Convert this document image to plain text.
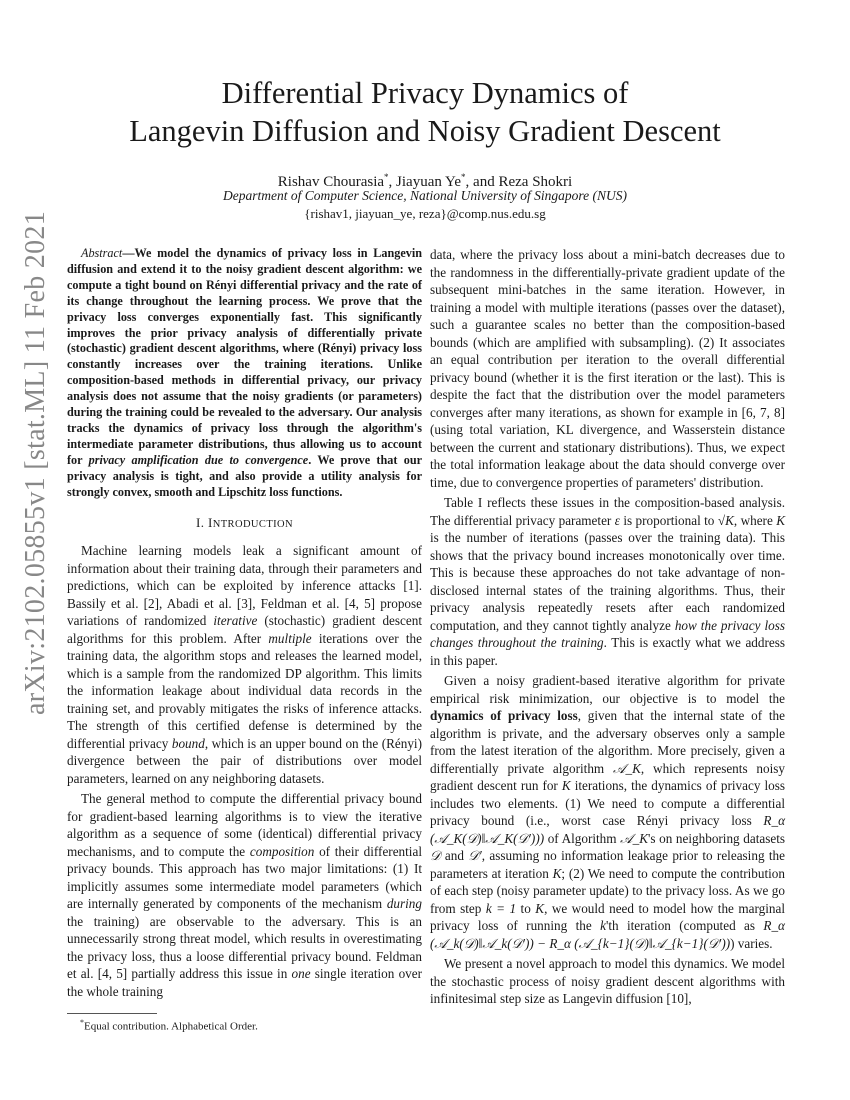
arXiv:2102.05855v1 [stat.ML] 11 Feb 2021
Differential Privacy Dynamics of
Langevin Diffusion and Noisy Gradient Descent
Rishav Chourasia*, Jiayuan Ye*, and Reza Shokri
Department of Computer Science, National University of Singapore (NUS)
{rishav1, jiayuan_ye, reza}@comp.nus.edu.sg

Abstract—We model the dynamics of privacy loss in Langevin diffusion and extend it to the noisy gradient descent algorithm: we compute a tight bound on Rényi differential privacy and the rate of its change throughout the learning process. We prove that the privacy loss converges exponentially fast. This significantly improves the prior privacy analysis of differentially private (stochastic) gradient descent algorithms, where (Rényi) privacy loss constantly increases over the training iterations. Unlike composition-based methods in differential privacy, our privacy analysis does not assume that the noisy gradients (or parameters) during the training could be revealed to the adversary. Our analysis tracks the dynamics of privacy loss through the algorithm's intermediate parameter distributions, thus allowing us to account for privacy amplification due to convergence. We prove that our privacy analysis is tight, and also provide a utility analysis for strongly convex, smooth and Lipschitz loss functions.

I. INTRODUCTION

Machine learning models leak a significant amount of information about their training data, through their parameters and predictions, which can be exploited by inference attacks [1]. Bassily et al. [2], Abadi et al. [3], Feldman et al. [4, 5] propose variations of randomized iterative (stochastic) gradient descent algorithms for this problem. After multiple iterations over the training data, the algorithm stops and releases the learned model, which is a sample from the randomized DP algorithm. This limits the information leakage about individual data records in the training set, and provably mitigates the risks of inference attacks. The strength of this certified defense is determined by the differential privacy bound, which is an upper bound on the (Rényi) divergence between the pair of distributions over model parameters, learned on any neighboring datasets.

The general method to compute the differential privacy bound for gradient-based learning algorithms is to view the iterative algorithm as a sequence of some (identical) differential privacy mechanisms, and to compute the composition of their differential privacy bounds. This approach has two major limitations: (1) It implicitly assumes some intermediate model parameters (which are internally generated by components of the mechanism during the training) are observable to the adversary. This is an unnecessarily strong threat model, which results in overestimating the privacy loss, thus a loose differential privacy bound. Feldman et al. [4, 5] partially address this issue in one single iteration over the whole training

*Equal contribution. Alphabetical Order.

data, where the privacy loss about a mini-batch decreases due to the randomness in the differentially-private gradient update of the subsequent mini-batches in the same iteration. However, in training a model with multiple iterations (passes over the dataset), such a guarantee scales no better than the composition-based bounds (which are amplified with subsampling). (2) It associates an equal contribution per iteration to the overall differential privacy bound (whether it is the first iteration or the last). This is despite the fact that the distribution over the model parameters converges after many iterations, as shown for example in [6, 7, 8] (using total variation, KL divergence, and Wasserstein distance between the current and stationary distributions). Thus, we expect the total information leakage about the data should converge over time, due to convergence properties of parameters' distribution.

Table I reflects these issues in the composition-based analysis. The differential privacy parameter ε is proportional to √K, where K is the number of iterations (passes over the training data). This shows that the privacy bound increases monotonically over time. This is because these approaches do not take advantage of non-disclosed internal states of the training algorithms. Thus, their privacy analysis repeatedly resets after each randomized computation, and they cannot tightly analyze how the privacy loss changes throughout the training. This is exactly what we address in this paper.

Given a noisy gradient-based iterative algorithm for private empirical risk minimization, our objective is to model the dynamics of privacy loss, given that the internal state of the algorithm is private, and the adversary observes only a sample from the latest iteration of the algorithm. More precisely, given a differentially private algorithm 𝒜_K, which represents noisy gradient descent run for K iterations, the dynamics of privacy loss includes two elements. (1) We need to compute a differential privacy bound (i.e., worst case Rényi privacy loss R_α (𝒜_K(𝒟)‖𝒜_K(𝒟′))) of Algorithm 𝒜_K's on neighboring datasets 𝒟 and 𝒟′, assuming no information leakage prior to releasing the parameters at iteration K; (2) We need to compute the contribution of each step (noisy parameter update) to the privacy loss. As we go from step k = 1 to K, we would need to model how the marginal privacy loss of running the k'th iteration (computed as R_α (𝒜_k(𝒟)‖𝒜_k(𝒟′)) − R_α (𝒜_{k−1}(𝒟)‖𝒜_{k−1}(𝒟′))) varies.

We present a novel approach to model this dynamics. We model the stochastic process of noisy gradient descent algorithms with infinitesimal step size as Langevin diffusion [10],
